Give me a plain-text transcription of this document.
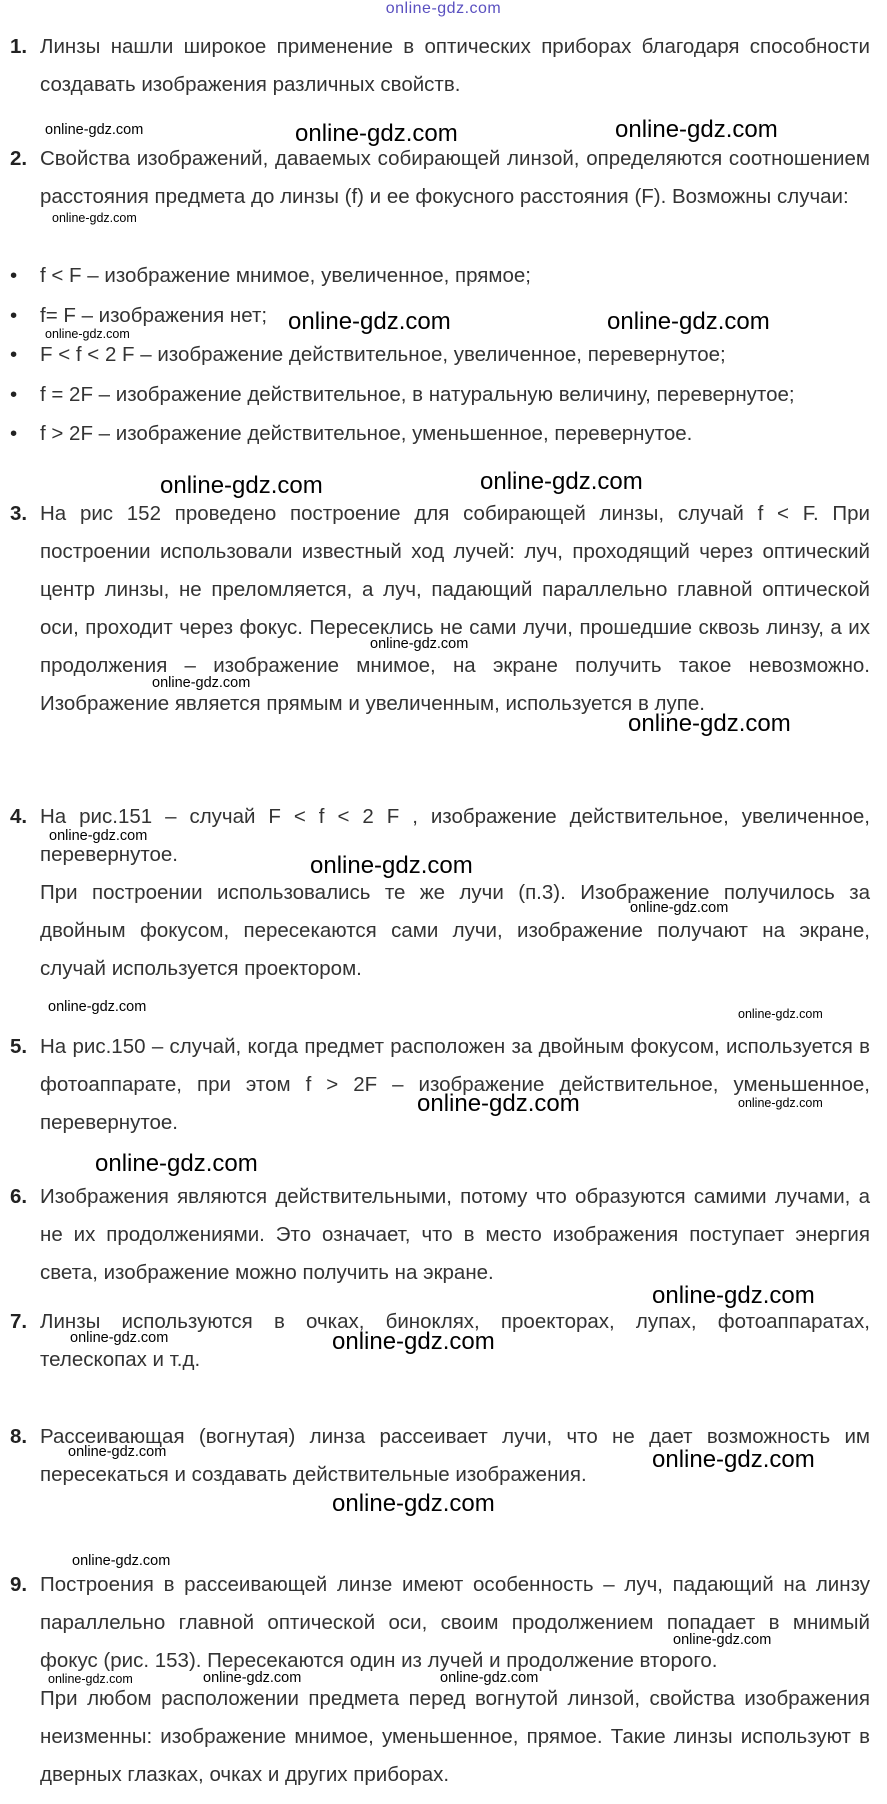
online-gdz.com
1. Линзы нашли широкое применение в оптических приборах благодаря способности создавать изображения различных свойств.

2. Свойства изображений, даваемых собирающей линзой, определяются соотношением расстояния предмета до линзы (f) и ее фокусного расстояния (F). Возможны случаи:

• f < F – изображение мнимое, увеличенное, прямое;
• f= F – изображения нет;
• F < f < 2 F – изображение действительное, увеличенное, перевернутое;
• f = 2F – изображение действительное, в натуральную величину, перевернутое;
• f > 2F – изображение действительное, уменьшенное, перевернутое.
3. На рис 152 проведено построение для собирающей линзы, случай f < F. При построении использовали известный ход лучей: луч, проходящий через оптический центр линзы, не преломляется, а луч, падающий параллельно главной оптической оси, проходит через фокус. Пересеклись не сами лучи, прошедшие сквозь линзу, а их продолжения – изображение мнимое, на экране получить такое невозможно. Изображение является прямым и увеличенным, используется в лупе.

4. На рис.151 – случай F < f < 2 F , изображение действительное, увеличенное, перевернутое.

При построении использовались те же лучи (п.3). Изображение получилось за двойным фокусом, пересекаются сами лучи, изображение получают на экране, случай используется проектором.

5. На рис.150 – случай, когда предмет расположен за двойным фокусом, используется в фотоаппарате, при этом f > 2F – изображение действительное, уменьшенное, перевернутое.

6. Изображения являются действительными, потому что образуются самими лучами, а не их продолжениями. Это означает, что в место изображения поступает энергия света, изображение можно получить на экране.

7. Линзы используются в очках, биноклях, проекторах, лупах, фотоаппаратах, телескопах и т.д.

8. Рассеивающая (вогнутая) линза рассеивает лучи, что не дает возможность им пересекаться и создавать действительные изображения.

9. Построения в рассеивающей линзе имеют особенность – луч, падающий на линзу параллельно главной оптической оси, своим продолжением попадает в мнимый фокус (рис. 153). Пересекаются один из лучей и продолжение второго.

При любом расположении предмета перед вогнутой линзой, свойства изображения неизменны: изображение мнимое, уменьшенное, прямое. Такие линзы используют в дверных глазках, очках и других приборах.

online-gdz.com	online-gdz.com	online-gdz.com
online-gdz.com
online-gdz.com	online-gdz.com	online-gdz.com
online-gdz.com	online-gdz.com
online-gdz.com
online-gdz.com
online-gdz.com
online-gdz.com
online-gdz.com
online-gdz.com
online-gdz.com	online-gdz.com
online-gdz.com	online-gdz.com
online-gdz.com
online-gdz.com
online-gdz.com	online-gdz.com
online-gdz.com	online-gdz.com
online-gdz.com
online-gdz.com
online-gdz.com
online-gdz.com	online-gdz.com	online-gdz.com
